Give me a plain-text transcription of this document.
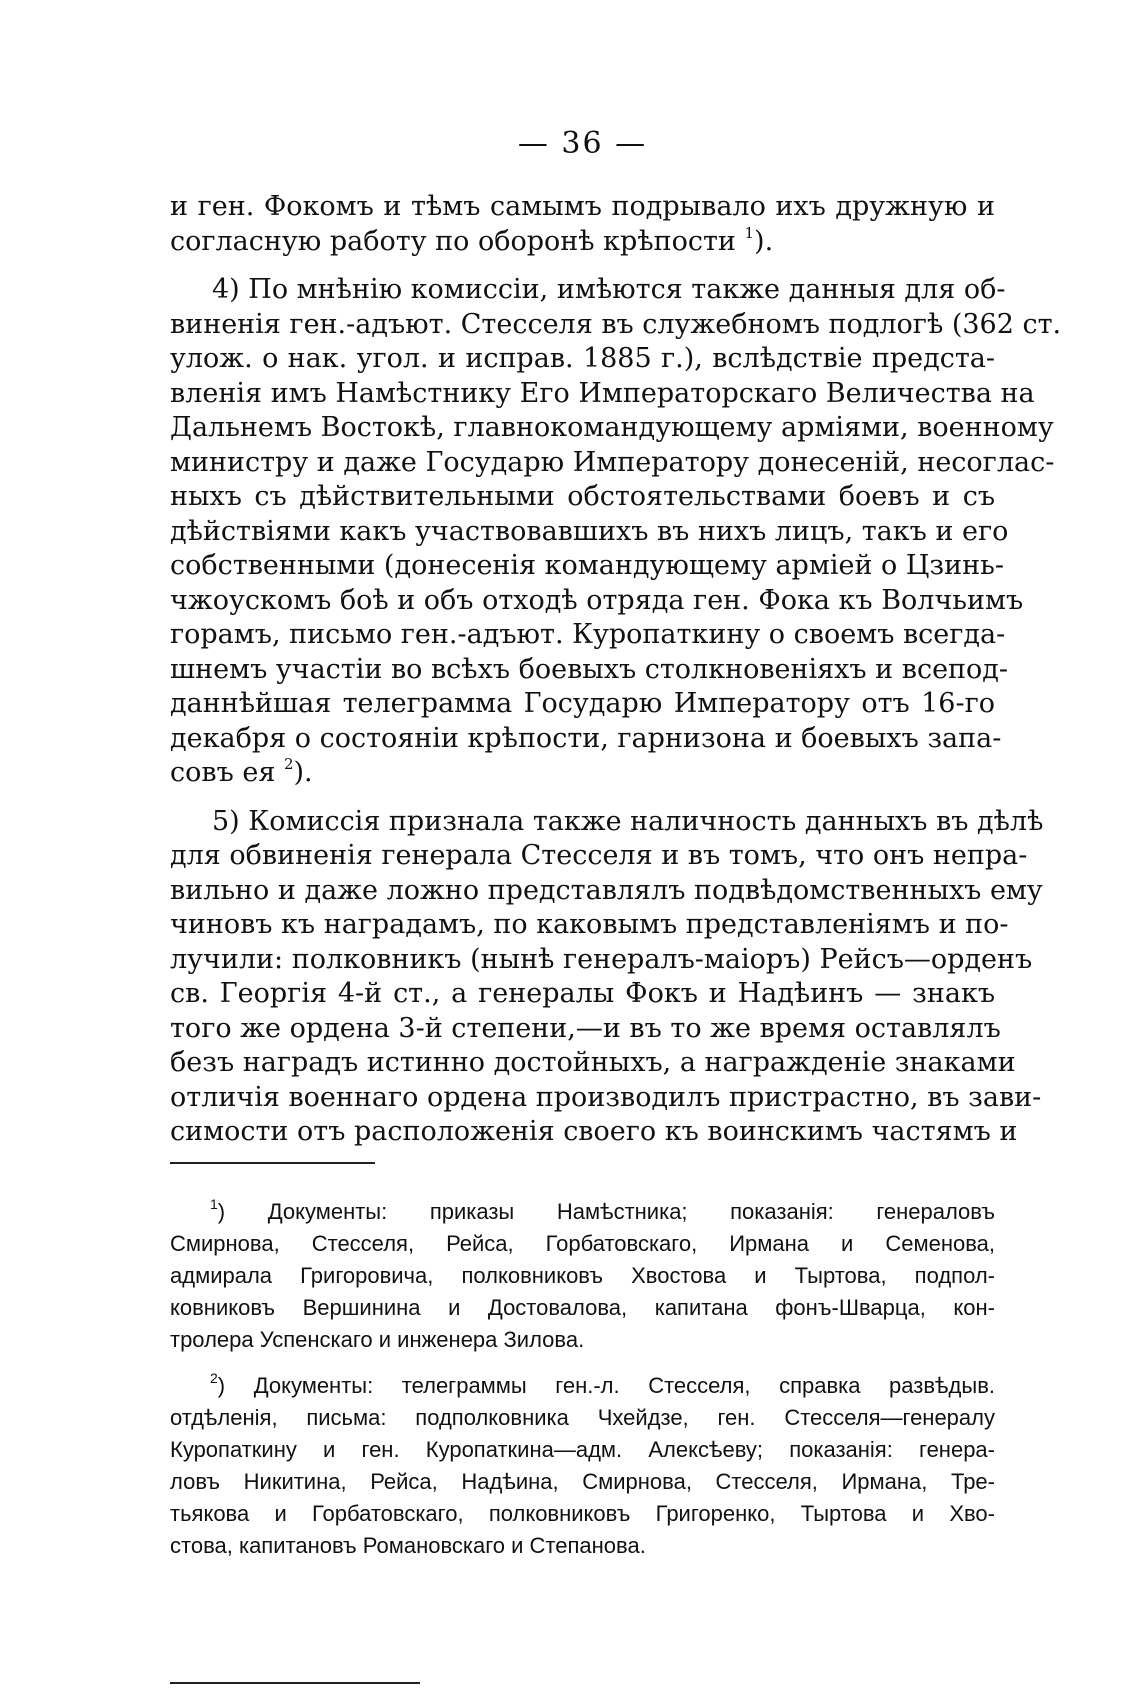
— 36 —

и ген. Фокомъ и тѣмъ самымъ подрывало ихъ дружную и
согласную работу по оборонѣ крѣпости $^1$).

4) По мнѣнію комиссіи, имѣются также данныя для об-
виненія ген.-адъют. Стесселя въ служебномъ подлогѣ (362 ст.
улож. о нак. угол. и исправ. 1885 г.), вслѣдствіе предста-
вленія имъ Намѣстнику Его Императорскаго Величества на
Дальнемъ Востокѣ, главнокомандующему арміями, военному
министру и даже Государю Императору донесеній, несоглас-
ныхъ съ дѣйствительными обстоятельствами боевъ и съ
дѣйствіями какъ участвовавшихъ въ нихъ лицъ, такъ и его
собственными (донесенія командующему арміей о Цзинь-
чжоускомъ боѣ и объ отходѣ отряда ген. Фока къ Волчьимъ
горамъ, письмо ген.-адъют. Куропаткину о своемъ всегда-
шнемъ участіи во всѣхъ боевыхъ столкновеніяхъ и всепод-
даннѣйшая телеграмма Государю Императору отъ 16-го
декабря о состояніи крѣпости, гарнизона и боевыхъ запа-
совъ ея $^2$).

5) Комиссія признала также наличность данныхъ въ дѣлѣ
для обвиненія генерала Стесселя и въ томъ, что онъ непра-
вильно и даже ложно представлялъ подвѣдомственныхъ ему
чиновъ къ наградамъ, по каковымъ представленіямъ и по-
лучили: полковникъ (нынѣ генералъ-маіоръ) Рейсъ—орденъ
св. Георгія 4-й ст., а генералы Фокъ и Надѣинъ — знакъ
того же ордена 3-й степени,—и въ то же время оставлялъ
безъ наградъ истинно достойныхъ, а награжденіе знаками
отличія военнаго ордена производилъ пристрастно, въ зави-
симости отъ расположенія своего къ воинскимъ частямъ и

$^1$) Документы: приказы Намѣстника; показанія: генераловъ
Смирнова, Стесселя, Рейса, Горбатовскаго, Ирмана и Семенова,
адмирала Григоровича, полковниковъ Хвостова и Тыртова, подпол-
ковниковъ Вершинина и Достовалова, капитана фонъ-Шварца, кон-
тролера Успенскаго и инженера Зилова.

$^2$) Документы: телеграммы ген.-л. Стесселя, справка развѣдыв.
отдѣленія, письма: подполковника Чхейдзе, ген. Стесселя—генералу
Куропаткину и ген. Куропаткина—адм. Алексѣеву; показанія: генера-
ловъ Никитина, Рейса, Надѣина, Смирнова, Стесселя, Ирмана, Тре-
тьякова и Горбатовскаго, полковниковъ Григоренко, Тыртова и Хво-
стова, капитановъ Романовскаго и Степанова.
